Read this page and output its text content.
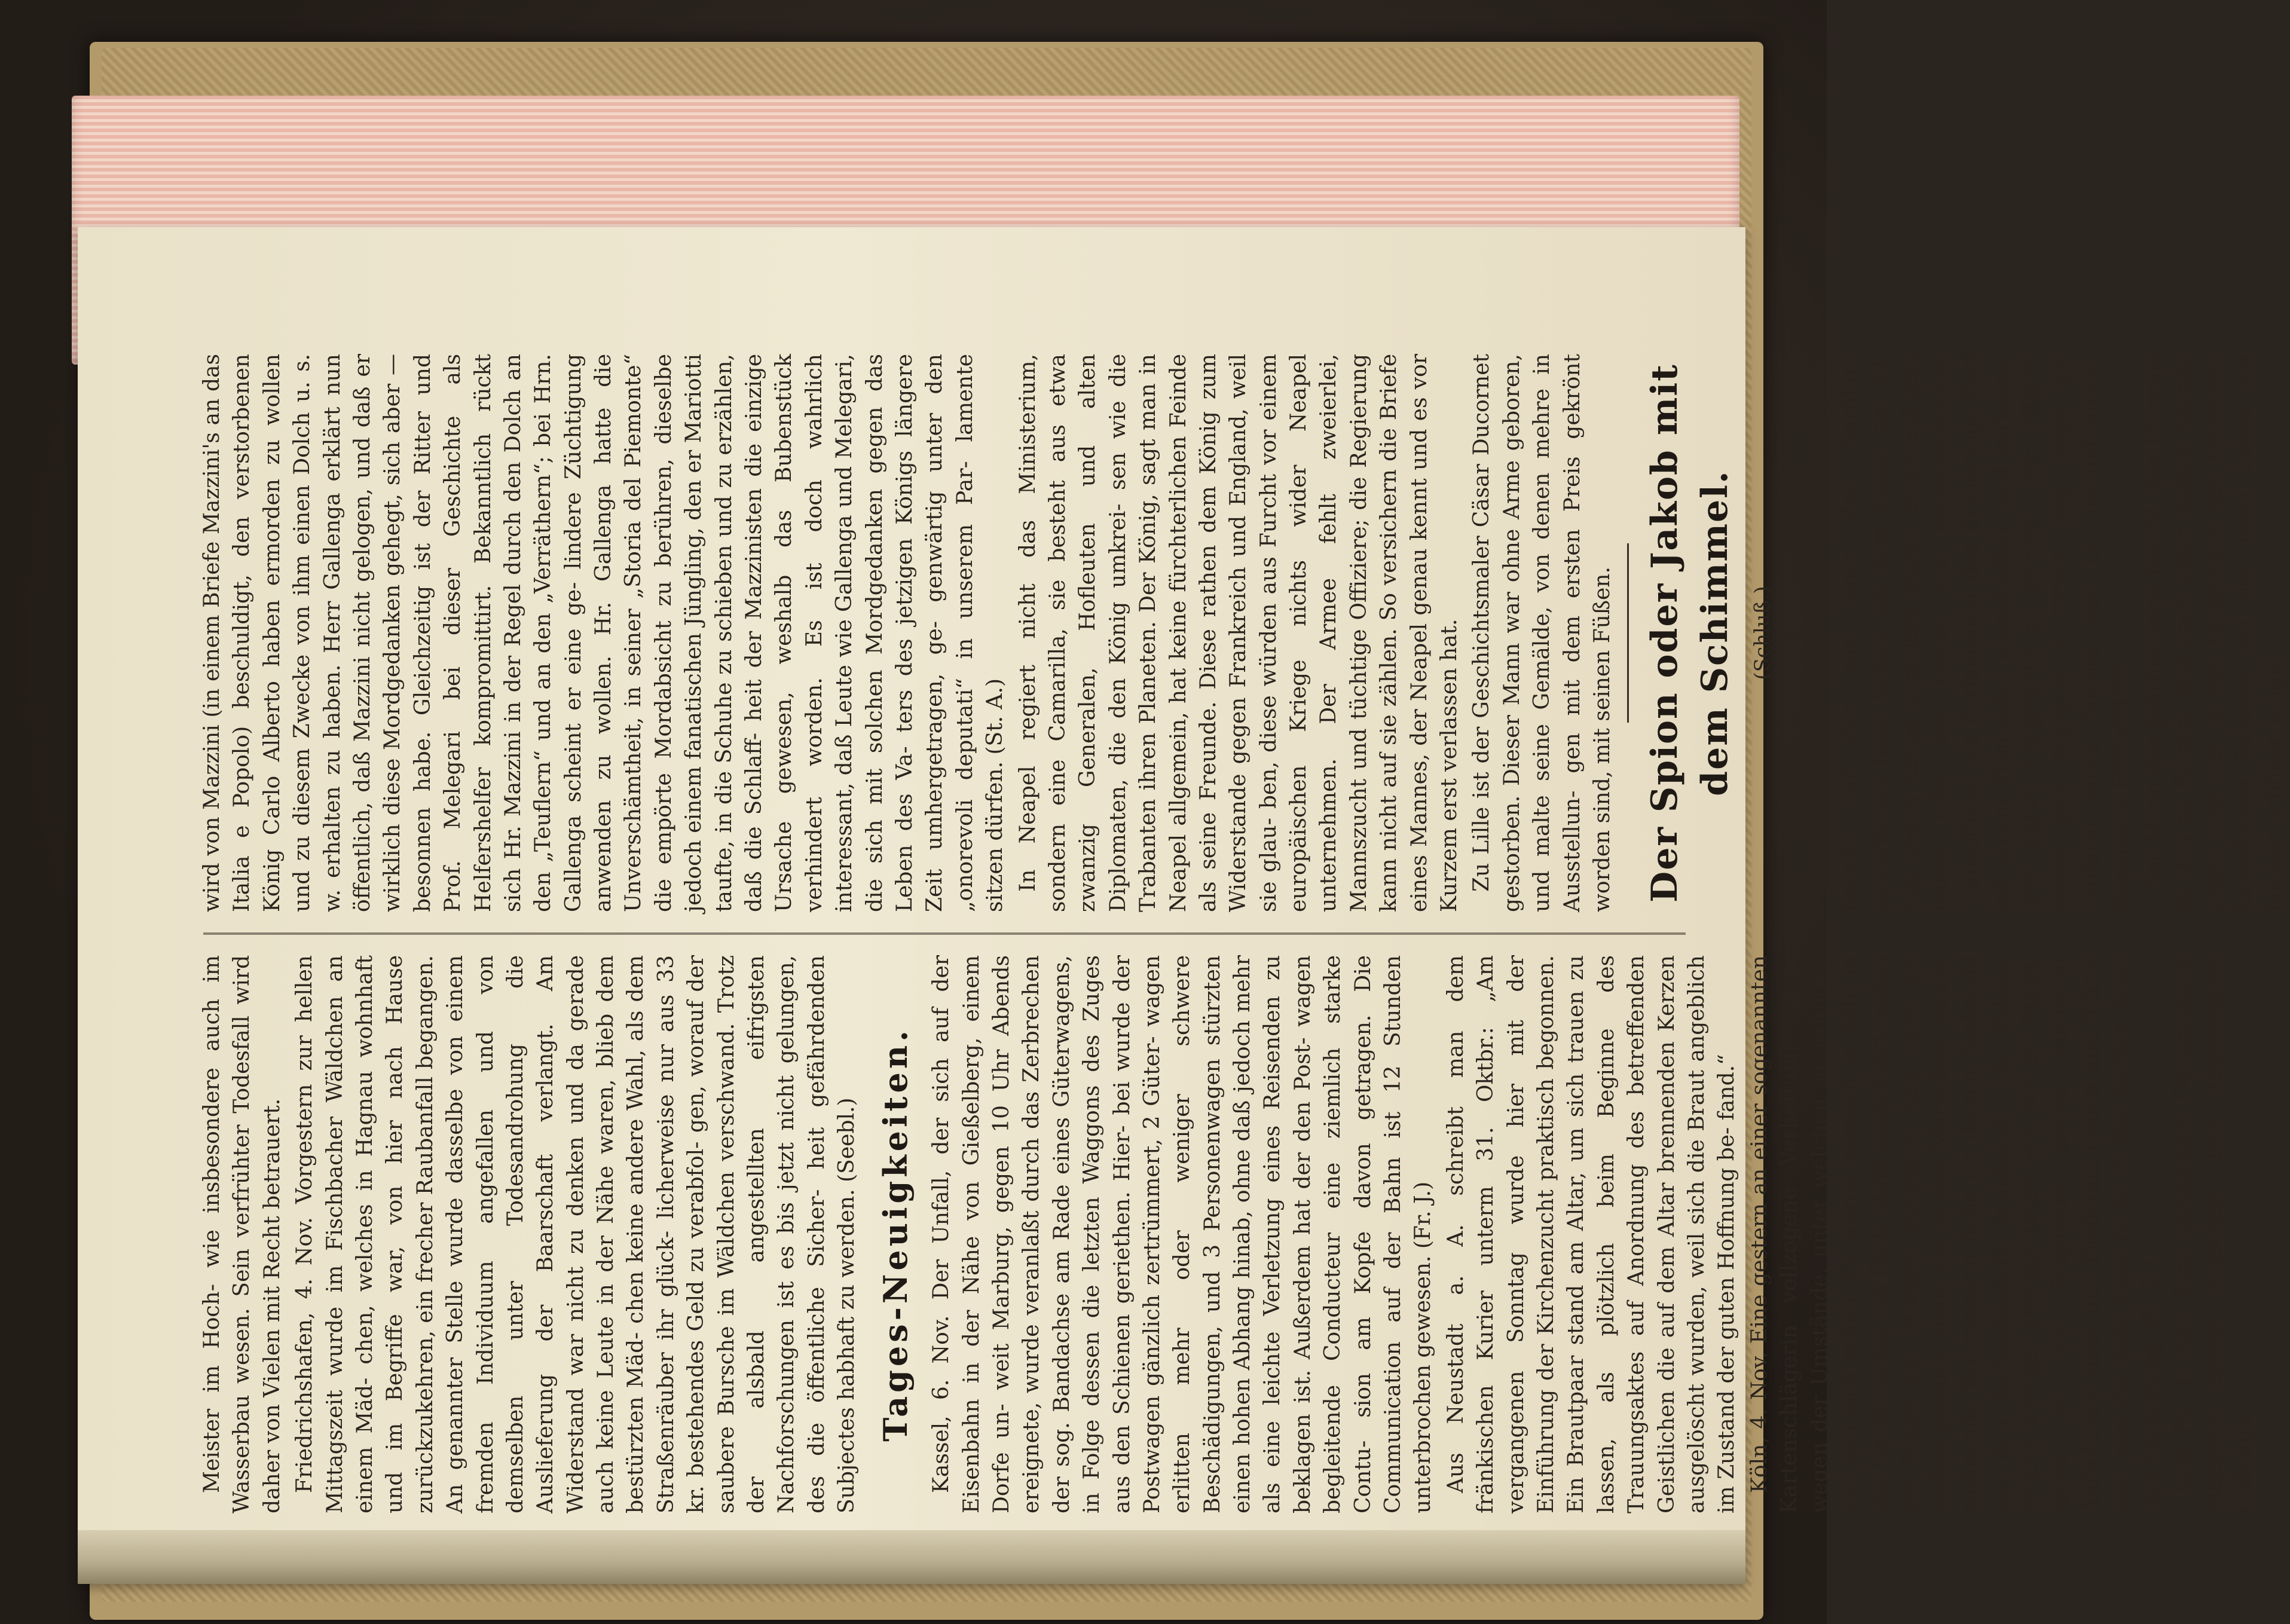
Meister im Hoch- wie insbesondere auch im Wasserbau wesen. Sein verfrühter Todesfall wird daher von Vielen mit Recht betrauert. Friedrichshafen, 4. Nov. Vorgestern zur hellen Mittagszeit wurde im Fischbacher Wäldchen an einem Mäd- chen, welches in Hagnau wohnhaft und im Begriffe war, von hier nach Hause zurückzukehren, ein frecher Raubanfall begangen. An genannter Stelle wurde dasselbe von einem fremden Individuum angefallen und von demselben unter Todesandrohung die Auslieferung der Baarschaft verlangt. Am Widerstand war nicht zu denken und da gerade auch keine Leute in der Nähe waren, blieb dem bestürzten Mäd- chen keine andere Wahl, als dem Straßenräuber ihr glück- licherweise nur aus 33 kr. bestehendes Geld zu verabfol- gen, worauf der saubere Bursche im Wäldchen verschwand. Trotz der alsbald angestellten eifrigsten Nachforschungen ist es bis jetzt nicht gelungen, des die öffentliche Sicher- heit gefährdenden Subjectes habhaft zu werden. (Seebl.) Tages-Neuigkeiten. Kassel, 6. Nov. Der Unfall, der sich auf der Eisenbahn in der Nähe von Gießelberg, einem Dorfe un- weit Marburg, gegen 10 Uhr Abends ereignete, wurde veranlaßt durch das Zerbrechen der sog. Bandachse am Rade eines Güterwagens, in Folge dessen die letzten Waggons des Zuges aus den Schienen geriethen. Hier- bei wurde der Postwagen gänzlich zertrümmert, 2 Güter- wagen erlitten mehr oder weniger schwere Beschädigungen, und 3 Personenwagen stürzten einen hohen Abhang hinab, ohne daß jedoch mehr als eine leichte Verletzung eines Reisenden zu beklagen ist. Außerdem hat der den Post- wagen begleitende Conducteur eine ziemlich starke Contu- sion am Kopfe davon getragen. Die Communication auf der Bahn ist 12 Stunden unterbrochen gewesen. (Fr. J.) Aus Neustadt a. A. schreibt man dem fränkischen Kurier unterm 31. Oktbr.: „Am vergangenen Sonntag wurde hier mit der Einführung der Kirchenzucht praktisch begonnen. Ein Brautpaar stand am Altar, um sich trauen zu lassen, als plötzlich beim Beginne des Trauungsaktes auf Anordnung des betreffenden Geistlichen die auf dem Altar brennenden Kerzen ausgelöscht wurden, weil sich die Braut angeblich im Zustand der guten Hoffnung be- fand.“ Köln, 4. Nov. Eine gestern an einer sogenannten Kartenschlägerin vollzogene Verhaftung macht wegen der Umstände, unter welchen sie erfolgte, viel von sich reden. Es wurde nämlich in Köln in der Nacht vorher ein Dieb- stahl ausgeführt, wobei die Magd am Morgen aussagte, daß habe sie vorher gewußt, denn die in der Marzellen- straße wohnende Wahrsagerin habe ihr diesen Diebstahl aus den Kartenblättern prophezeit. Die Polizei, welche weniger abergläubisch war, wie die Magd, nahm an, die Prophetin könne vielleicht Aufschlüsse über den Diebstahl geben und führte aus, was die gute Frau nicht in den Karten fand: ihre Verhaftung. (K. Z.) Vom Po, 1. Nov. Eine sonderbare Denunciation Mazzini's erregt Aufsehen. Der Abgeordnete Gallenga

wird von Mazzini (in einem Briefe Mazzini's an das Italia e Popolo) beschuldigt, den verstorbenen König Carlo Alberto haben ermorden zu wollen und zu diesem Zwecke von ihm einen Dolch u. s. w. erhalten zu haben. Herr Gallenga erklärt nun öffentlich, daß Mazzini nicht gelogen, und daß er wirklich diese Mordgedanken gehegt, sich aber — besonnen habe. Gleichzeitig ist der Ritter und Prof. Melegari bei dieser Geschichte als Helfershelfer kompromittirt. Bekanntlich rückt sich Hr. Mazzini in der Regel durch den Dolch an den „Teuflern“ und an den „Verräthern“; bei Hrn. Gallenga scheint er eine ge- lindere Züchtigung anwenden zu wollen. Hr. Gallenga hatte die Unverschämtheit, in seiner „Storia del Piemonte“ die empörte Mordabsicht zu berühren, dieselbe jedoch einem fanatischen Jüngling, den er Mariotti taufte, in die Schuhe zu schieben und zu erzählen, daß die Schlaff- heit der Mazzinisten die einzige Ursache gewesen, weshalb das Bubenstück verhindert worden. Es ist doch wahrlich interessant, daß Leute wie Gallenga und Melegari, die sich mit solchen Mordgedanken gegen das Leben des Va- ters des jetzigen Königs längere Zeit umhergetragen, ge- genwärtig unter den „onorevoli deputati“ in unserem Par- lamente sitzen dürfen. (St. A.) In Neapel regiert nicht das Ministerium, sondern eine Camarilla, sie besteht aus etwa zwanzig Generalen, Hofleuten und alten Diplomaten, die den König umkrei- sen wie die Trabanten ihren Planeten. Der König, sagt man in Neapel allgemein, hat keine fürchterlichen Feinde als seine Freunde. Diese rathen dem König zum Widerstande gegen Frankreich und England, weil sie glau- ben, diese würden aus Furcht vor einem europäischen Kriege nichts wider Neapel unternehmen. Der Armee fehlt zweierlei, Mannszucht und tüchtige Offiziere; die Regierung kann nicht auf sie zählen. So versichern die Briefe eines Mannes, der Neapel genau kennt und es vor Kurzem erst verlassen hat. Zu Lille ist der Geschichtsmaler Cäsar Ducornet gestorben. Dieser Mann war ohne Arme geboren, und malte seine Gemälde, von denen mehre in Ausstellun- gen mit dem ersten Preis gekrönt worden sind, mit seinen Füßen. Der Spion oder Jakob mit dem Schimmel. (Schluß.) 6. Das französische Heer unter Napoleon hauste bereits auf der aus jener Zeit berühmt gewordenen Insel Lobau, als dem Kaiser am 19. Mai gegen Abend gemeldet wurde, es sei auf dem linken Ufer der Donau ein österreichischer Stabsoffizier als Parlamentär des Erzherzogs Karl mit einem Trompeter eingetroffen, und verlange, dem Kaiser vorgestellt zu werden. Der Offizier nenne sich Marquis v. ***t**, und trage die Uniform eines Majors des Li- nieninfanterie-Regiments B***g**t***. Der Mann des Jahrhunderts befahl, den Marquis zu ihm zu führen, und nach einer halben Stunde unge- fähr trat in das Vorgemach des hölzernen kaiserlichen Palastes auf der Insel Lobau ein blasser, schöner, junger
